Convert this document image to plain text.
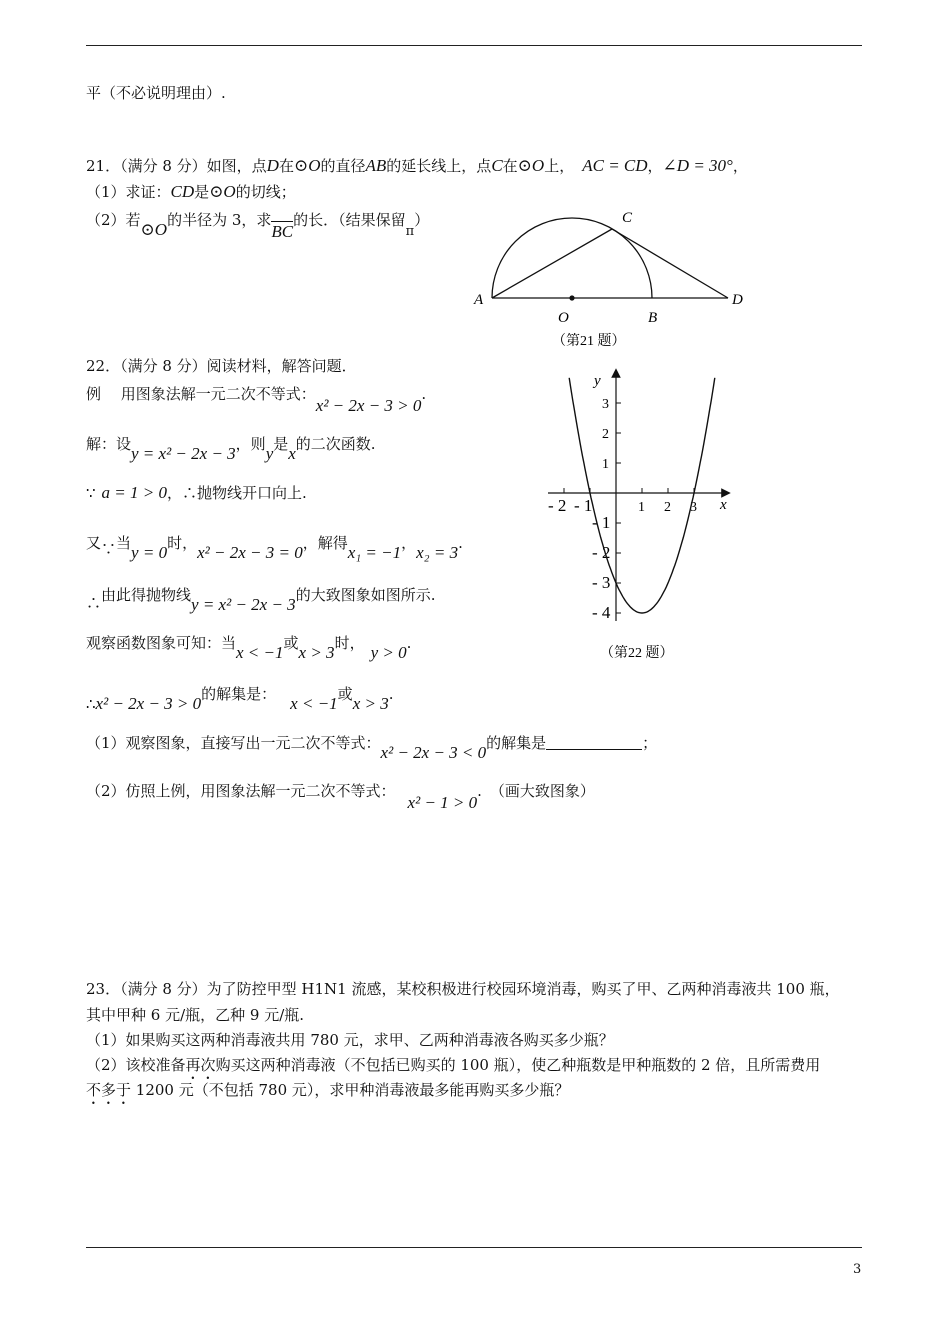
平（不必说明理由）.
21．（满分 8 分）如图，点D在⊙O的直径AB的延长线上，点C在⊙O上， AC = CD，∠D = 30°，
（1）求证：CD是⊙O的切线；
（2）若⊙O的半径为 3，求BC的长．（结果保留π）
A
C
D
O	B
（第21 题）
22．（满分 8 分）阅读材料，解答问题．
例　 用图象法解一元二次不等式：x² − 2x − 3 > 0.
解：设y = x² − 2x − 3，则y是x的二次函数.
∵ a = 1 > 0，∴抛物线开口向上.
又∵当y = 0时，x² − 2x − 3 = 0，解得x₁ = −1，x₂ = 3.
∴由此得抛物线y = x² − 2x − 3的大致图象如图所示.
观察函数图象可知：当x < −1或x > 3时， y > 0.
∴x² − 2x − 3 > 0的解集是： x < −1或x > 3.
（1）观察图象，直接写出一元二次不等式：x² − 2x − 3 < 0的解集是	；
（2）仿照上例，用图象法解一元二次不等式：x² − 1 > 0. （画大致图象）
3
2
1
- 1
- 2
- 3
- 4
- 2 - 1	1 2 3
y
x
（第22 题）
23．（满分 8 分）为了防控甲型 H1N1 流感，某校积极进行校园环境消毒，购买了甲、乙两种消毒液共 100 瓶，
其中甲种 6 元/瓶，乙种 9 元/瓶.
（1）如果购买这两种消毒液共用 780 元，求甲、乙两种消毒液各购买多少瓶？
（2）该校准备再次购买这两种消毒液（不包括已购买的 100 瓶），使乙种瓶数是甲种瓶数的 2 倍，且所需费用
不多于 1200 元（不包括 780 元），求甲种消毒液最多能再购买多少瓶？
3
